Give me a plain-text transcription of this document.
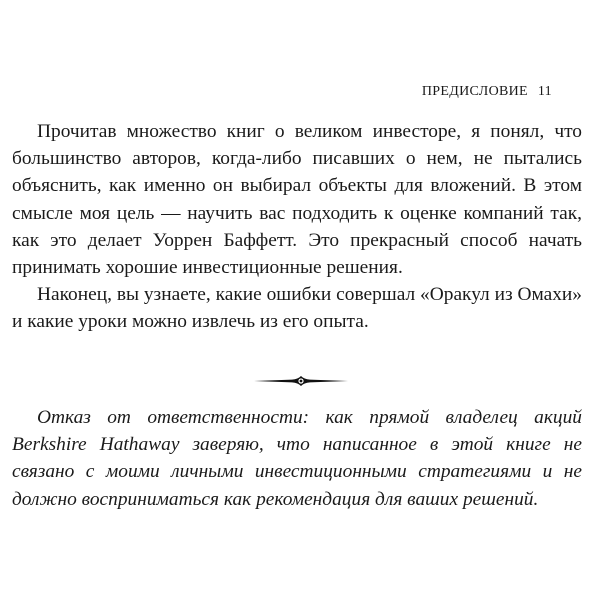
ПРЕДИСЛОВИЕ 11

Прочитав множество книг о великом инвесторе, я понял, что большинство авторов, когда-либо писавших о нем, не пытались объяснить, как именно он выбирал объекты для вложений. В этом смысле моя цель — научить вас подходить к оценке компаний так, как это делает Уоррен Баффетт. Это прекрасный способ начать принимать хорошие инвестиционные решения.

Наконец, вы узнаете, какие ошибки совершал «Оракул из Омахи» и какие уроки можно извлечь из его опыта.

Отказ от ответственности: как прямой владелец акций Berkshire Hathaway заверяю, что написанное в этой книге не связано с моими личными инвестиционными стратегиями и не должно восприниматься как рекомендация для ваших решений.
